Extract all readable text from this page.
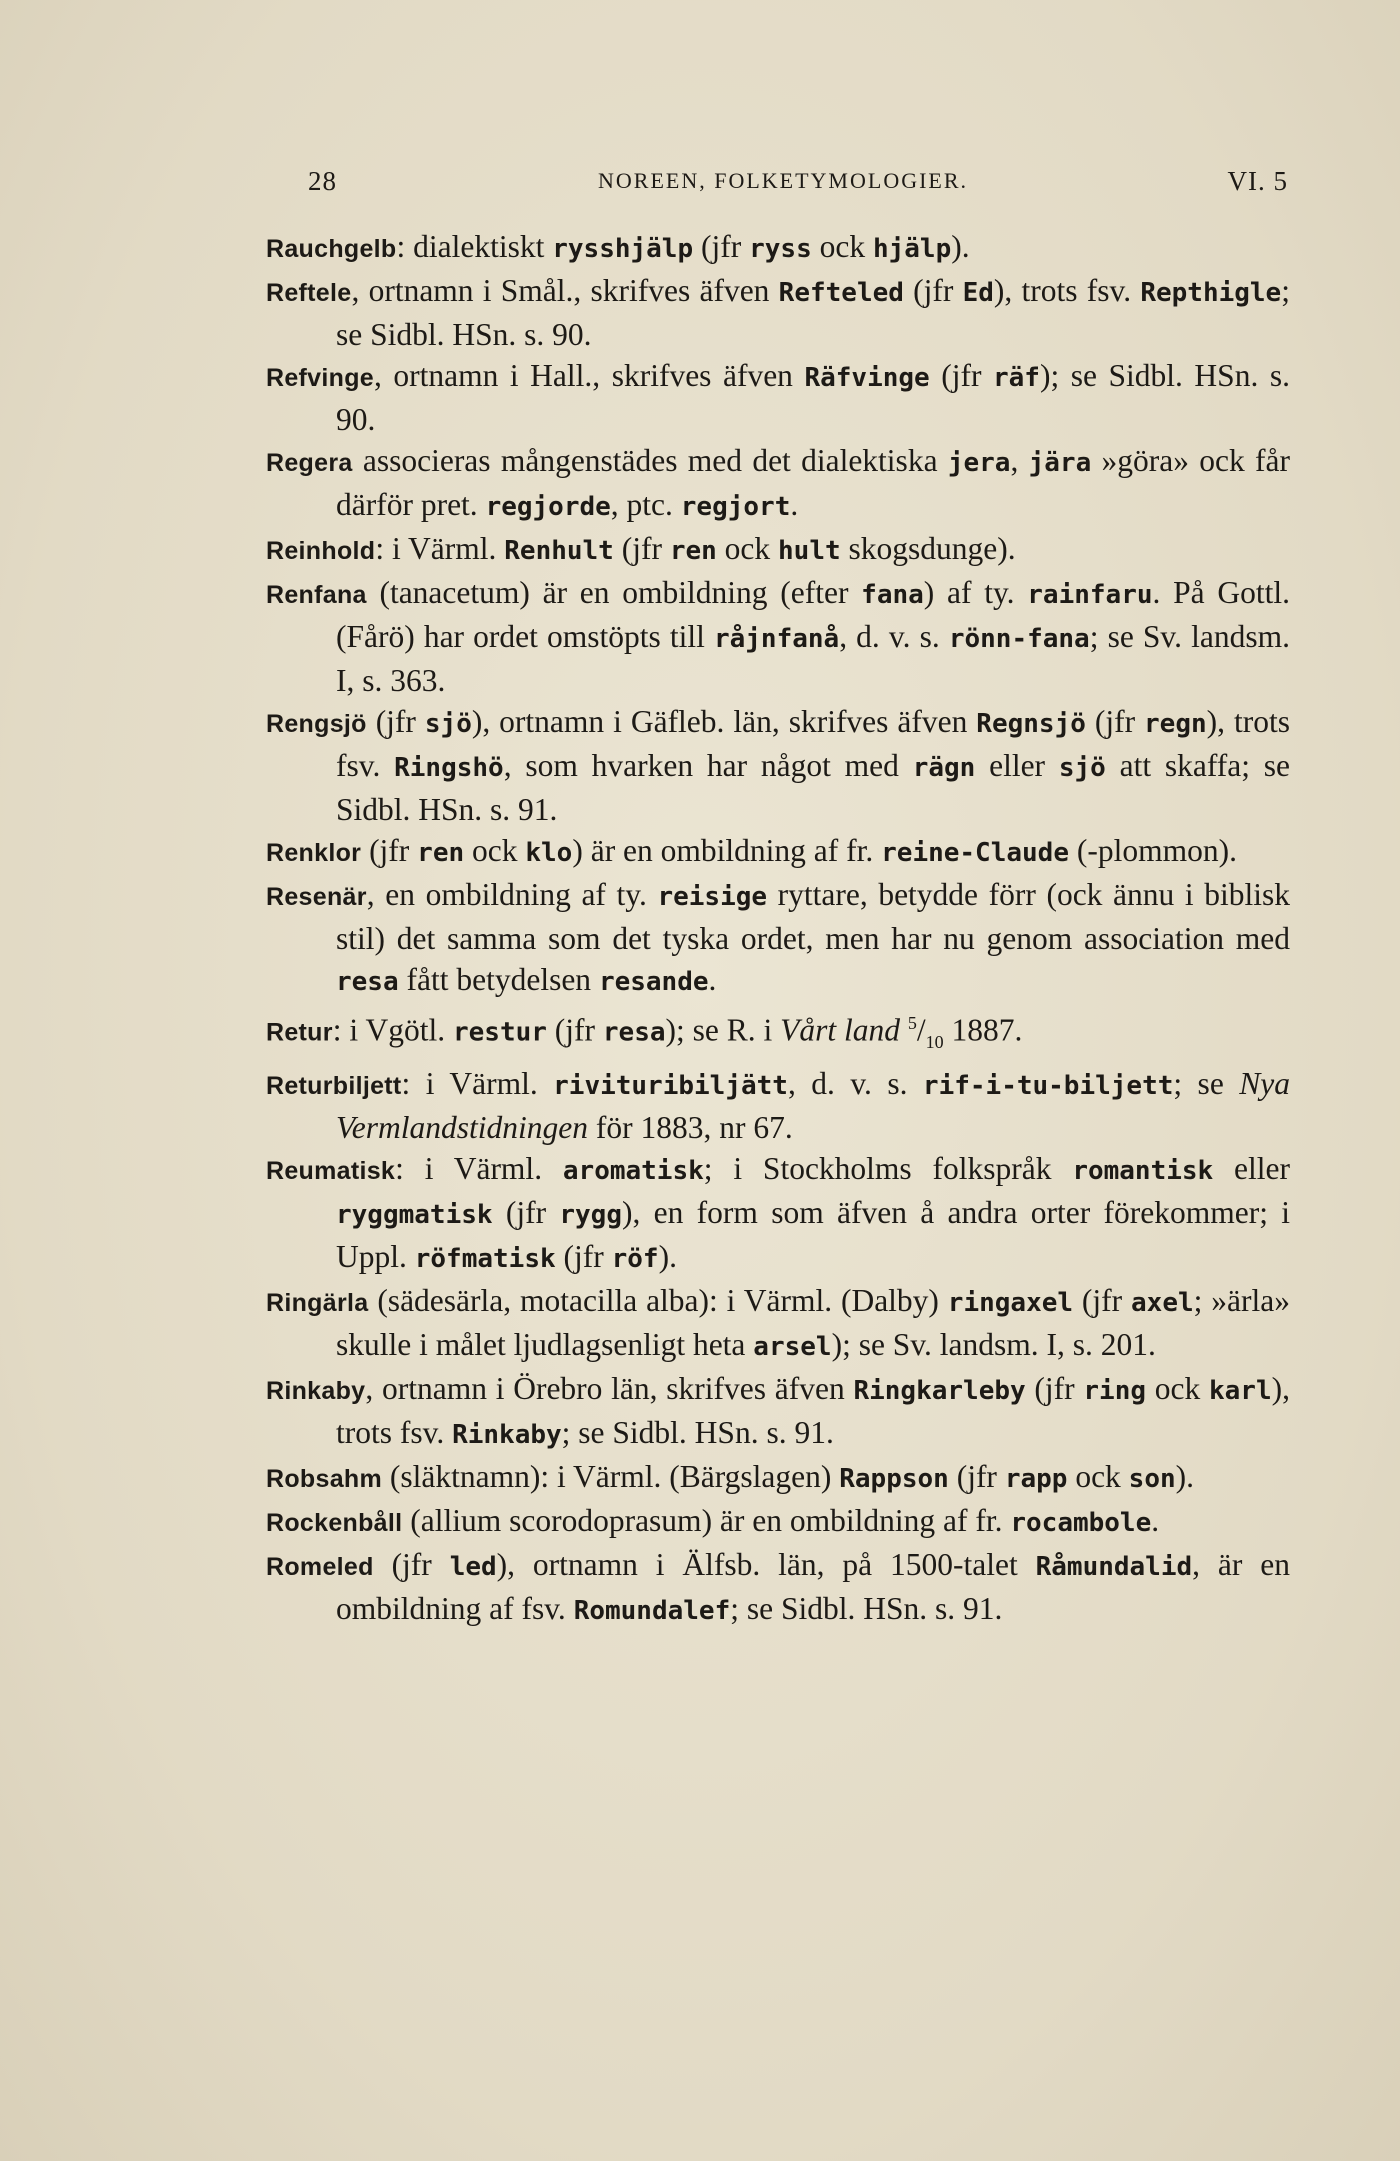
28	NOREEN, FOLKETYMOLOGIER.	VI. 5

Rauchgelb: dialektiskt rysshjälp (jfr ryss ock hjälp).

Reftele, ortnamn i Smål., skrifves äfven Refteled (jfr Ed), trots fsv. Repthigle; se Sidbl. HSn. s. 90.

Refvinge, ortnamn i Hall., skrifves äfven Räfvinge (jfr räf); se Sidbl. HSn. s. 90.

Regera associeras mångenstädes med det dialektiska jera, jära »göra» ock får därför pret. regjorde, ptc. regjort.

Reinhold: i Värml. Renhult (jfr ren ock hult skogsdunge).

Renfana (tanacetum) är en ombildning (efter fana) af ty. rainfaru. På Gottl. (Fårö) har ordet omstöpts till råjnfanå, d. v. s. rönn-fana; se Sv. landsm. I, s. 363.

Rengsjö (jfr sjö), ortnamn i Gäfleb. län, skrifves äfven Regnsjö (jfr regn), trots fsv. Ringshö, som hvarken har något med rägn eller sjö att skaffa; se Sidbl. HSn. s. 91.

Renklor (jfr ren ock klo) är en ombildning af fr. reine-Claude (-plommon).

Resenär, en ombildning af ty. reisige ryttare, betydde förr (ock ännu i biblisk stil) det samma som det tyska ordet, men har nu genom association med resa fått betydelsen resande.

Retur: i Vgötl. restur (jfr resa); se R. i Vårt land $^5/_{10}$ 1887.

Returbiljett: i Värml. rivituribiljätt, d. v. s. rif-i-tu-biljett; se Nya Vermlandstidningen för 1883, nr 67.

Reumatisk: i Värml. aromatisk; i Stockholms folkspråk romantisk eller ryggmatisk (jfr rygg), en form som äfven å andra orter förekommer; i Uppl. röfmatisk (jfr röf).

Ringärla (sädesärla, motacilla alba): i Värml. (Dalby) ringaxel (jfr axel; »ärla» skulle i målet ljudlagsenligt heta arsel); se Sv. landsm. I, s. 201.

Rinkaby, ortnamn i Örebro län, skrifves äfven Ringkarleby (jfr ring ock karl), trots fsv. Rinkaby; se Sidbl. HSn. s. 91.

Robsahm (släktnamn): i Värml. (Bärgslagen) Rappson (jfr rapp ock son).

Rockenbåll (allium scorodoprasum) är en ombildning af fr. rocambole.

Romeled (jfr led), ortnamn i Älfsb. län, på 1500-talet Råmundalid, är en ombildning af fsv. Romundalef; se Sidbl. HSn. s. 91.
